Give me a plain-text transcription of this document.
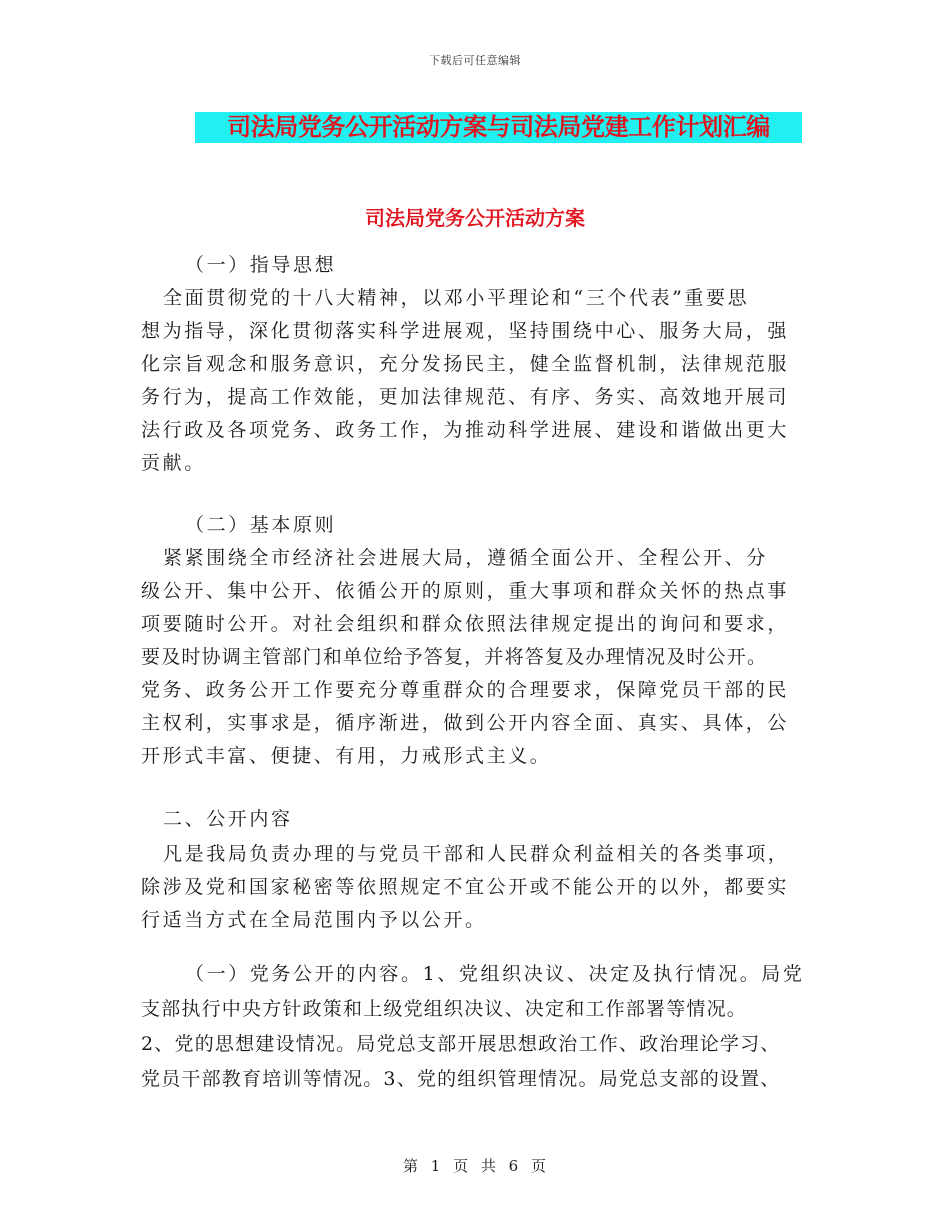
下载后可任意编辑
司法局党务公开活动方案与司法局党建工作计划汇编
司法局党务公开活动方案
（一）指导思想
全面贯彻党的十八大精神，以邓小平理论和“三个代表”重要思
想为指导，深化贯彻落实科学进展观，坚持围绕中心、服务大局，强
化宗旨观念和服务意识，充分发扬民主，健全监督机制，法律规范服
务行为，提高工作效能，更加法律规范、有序、务实、高效地开展司
法行政及各项党务、政务工作，为推动科学进展、建设和谐做出更大
贡献。
（二）基本原则
紧紧围绕全市经济社会进展大局，遵循全面公开、全程公开、分
级公开、集中公开、依循公开的原则，重大事项和群众关怀的热点事
项要随时公开。对社会组织和群众依照法律规定提出的询问和要求，
要及时协调主管部门和单位给予答复，并将答复及办理情况及时公开。
党务、政务公开工作要充分尊重群众的合理要求，保障党员干部的民
主权利，实事求是，循序渐进，做到公开内容全面、真实、具体，公
开形式丰富、便捷、有用，力戒形式主义。
二、公开内容
凡是我局负责办理的与党员干部和人民群众利益相关的各类事项，
除涉及党和国家秘密等依照规定不宜公开或不能公开的以外，都要实
行适当方式在全局范围内予以公开。
（一）党务公开的内容。1、党组织决议、决定及执行情况。局党
支部执行中央方针政策和上级党组织决议、决定和工作部署等情况。
2、党的思想建设情况。局党总支部开展思想政治工作、政治理论学习、
党员干部教育培训等情况。3、党的组织管理情况。局党总支部的设置、
第 1 页 共 6 页
